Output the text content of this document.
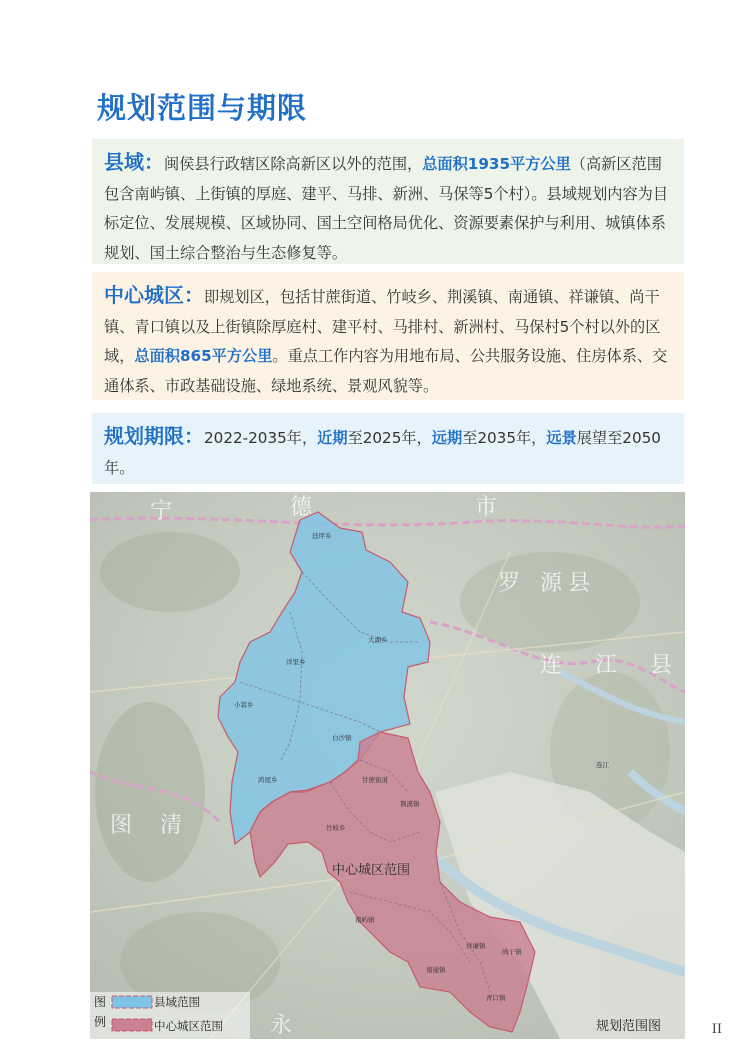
规划范围与期限
县域：闽侯县行政辖区除高新区以外的范围，总面积1935平方公里（高新区范围包含南屿镇、上街镇的厚庭、建平、马排、新洲、马保等5个村）。县域规划内容为目标定位、发展规模、区域协同、国土空间格局优化、资源要素保护与利用、城镇体系规划、国土综合整治与生态修复等。
中心城区：即规划区，包括甘蔗街道、竹岐乡、荆溪镇、南通镇、祥谦镇、尚干镇、青口镇以及上街镇除厚庭村、建平村、马排村、新洲村、马保村5个村以外的区域，总面积865平方公里。重点工作内容为用地布局、公共服务设施、住房体系、交通体系、市政基础设施、绿地系统、景观风貌等。
规划期限：2022-2035年，近期至2025年，远期至2035年，远景展望至2050年。
宁	德	市
罗 源 县
连 江 县
图 清
永
廷坪乡
洋里乡
大湖乡
小箬乡
白沙镇
鸿尾乡	甘蔗街道
荆溪镇
竹岐乡
南屿镇
祥谦镇
尚干镇
南通镇
青口镇
连江
中心城区范围
图
例
县域范围
中心城区范围	规划范围图	II
